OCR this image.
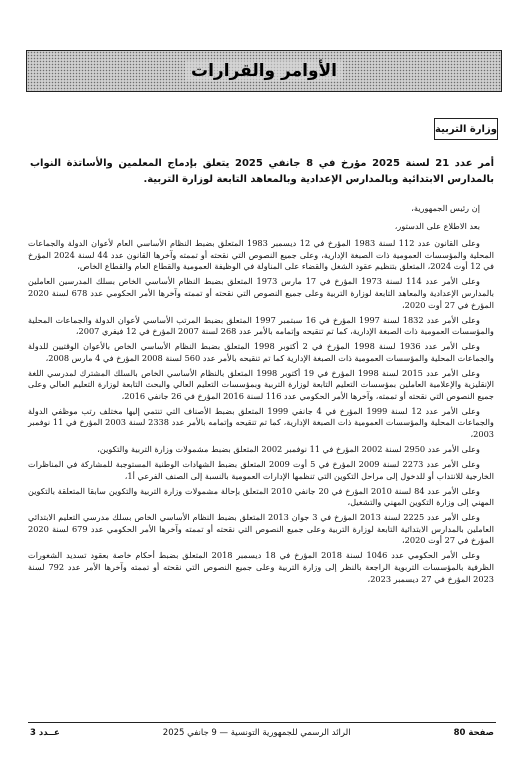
الأوامر والقرارات
وزارة التربية
أمر عدد 21 لسنة 2025 مؤرخ في 8 جانفي 2025 يتعلق بإدماج المعلمين والأساتذة النواب بالمدارس الابتدائية وبالمدارس الإعدادية وبالمعاهد التابعة لوزارة التربية.

إن رئيس الجمهورية،

بعد الاطلاع على الدستور،

وعلى القانون عدد 112 لسنة 1983 المؤرخ في 12 ديسمبر 1983 المتعلق بضبط النظام الأساسي العام لأعوان الدولة والجماعات المحلية والمؤسسات العمومية ذات الصبغة الإدارية، وعلى جميع النصوص التي نقحته أو تممته وآخرها القانون عدد 44 لسنة 2024 المؤرخ في 12 أوت 2024، المتعلق بتنظيم عقود الشغل والقضاء على المناولة في الوظيفة العمومية والقطاع العام والقطاع الخاص،

وعلى الأمر عدد 114 لسنة 1973 المؤرخ في 17 مارس 1973 المتعلق بضبط النظام الأساسي الخاص بسلك المدرسين العاملين بالمدارس الإعدادية والمعاهد التابعة لوزارة التربية وعلى جميع النصوص التي نقحته أو تممته وآخرها الأمر الحكومي عدد 678 لسنة 2020 المؤرخ في 27 أوت 2020،

وعلى الأمر عدد 1832 لسنة 1997 المؤرخ في 16 سبتمبر 1997 المتعلق بضبط المرتب الأساسي لأعوان الدولة والجماعات المحلية والمؤسسات العمومية ذات الصبغة الإدارية، كما تم تنقيحه وإتمامه بالأمر عدد 268 لسنة 2007 المؤرخ في 12 فيفري 2007،

وعلى الأمر عدد 1936 لسنة 1998 المؤرخ في 2 أكتوبر 1998 المتعلق بضبط النظام الأساسي الخاص بالأعوان الوقتيين للدولة والجماعات المحلية والمؤسسات العمومية ذات الصبغة الإدارية كما تم تنقيحه بالأمر عدد 560 لسنة 2008 المؤرخ في 4 مارس 2008،

وعلى الأمر عدد 2015 لسنة 1998 المؤرخ في 19 أكتوبر 1998 المتعلق بالنظام الأساسي الخاص بالسلك المشترك لمدرسي اللغة الإنقليزية والإعلامية العاملين بمؤسسات التعليم التابعة لوزارة التربية وبمؤسسات التعليم العالي والبحث التابعة لوزارة التعليم العالي وعلى جميع النصوص التي نقحته أو تممته، وآخرها الأمر الحكومي عدد 116 لسنة 2016 المؤرخ في 26 جانفي 2016،

وعلى الأمر عدد 12 لسنة 1999 المؤرخ في 4 جانفي 1999 المتعلق بضبط الأصناف التي تنتمي إليها مختلف رتب موظفي الدولة والجماعات المحلية والمؤسسات العمومية ذات الصبغة الإدارية، كما تم تنقيحه وإتمامه بالأمر عدد 2338 لسنة 2003 المؤرخ في 11 نوفمبر 2003،

وعلى الأمر عدد 2950 لسنة 2002 المؤرخ في 11 نوفمبر 2002 المتعلق بضبط مشمولات وزارة التربية والتكوين،

وعلى الأمر عدد 2273 لسنة 2009 المؤرخ في 5 أوت 2009 المتعلق بضبط الشهادات الوطنية المستوجبة للمشاركة في المناظرات الخارجية للانتداب أو للدخول إلى مراحل التكوين التي تنظمها الإدارات العمومية بالنسبة إلى الصنف الفرعي أ1،

وعلى الأمر عدد 84 لسنة 2010 المؤرخ في 20 جانفي 2010 المتعلق بإحالة مشمولات وزارة التربية والتكوين سابقا المتعلقة بالتكوين المهني إلى وزارة التكوين المهني والتشغيل،

وعلى الأمر عدد 2225 لسنة 2013 المؤرخ في 3 جوان 2013 المتعلق بضبط النظام الأساسي الخاص بسلك مدرسي التعليم الابتدائي العاملين بالمدارس الابتدائية التابعة لوزارة التربية وعلى جميع النصوص التي نقحته أو تممته وآخرها الأمر الحكومي عدد 679 لسنة 2020 المؤرخ في 27 أوت 2020،

وعلى الأمر الحكومي عدد 1046 لسنة 2018 المؤرخ في 18 ديسمبر 2018 المتعلق بضبط أحكام خاصة بعقود تسديد الشغورات الظرفية بالمؤسسات التربوية الراجعة بالنظر إلى وزارة التربية وعلى جميع النصوص التي نقحته أو تممته وآخرها الأمر عدد 792 لسنة 2023 المؤرخ في 27 ديسمبر 2023،

صفحة 80
الرائد الرسمي للجمهورية التونسية — 9 جانفي 2025
عــدد 3
